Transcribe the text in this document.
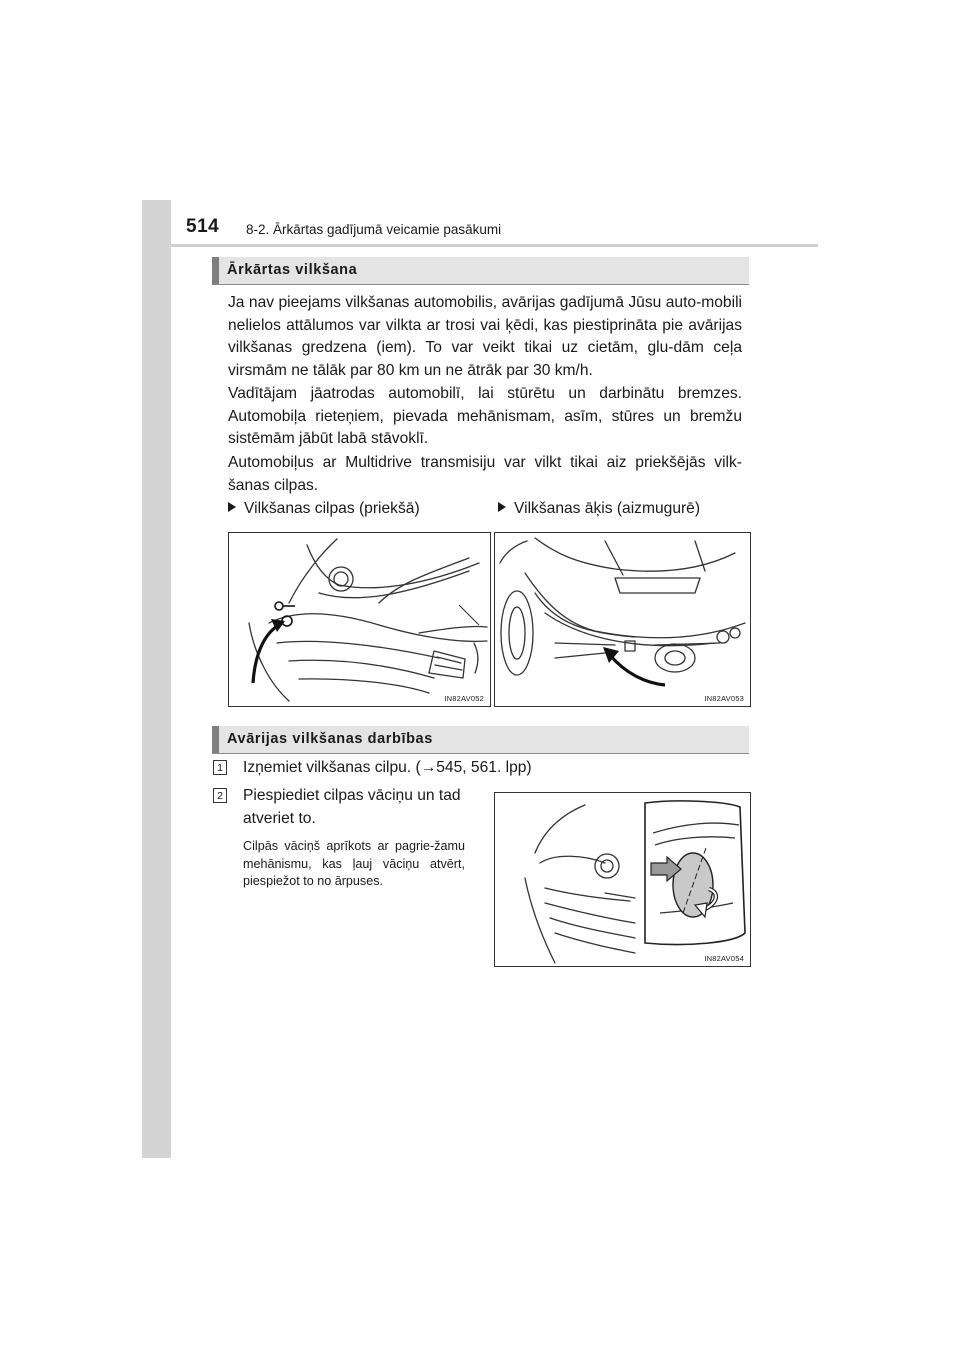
514 8-2. Ārkārtas gadījumā veicamie pasākumi
Ārkārtas vilkšana

Ja nav pieejams vilkšanas automobilis, avārijas gadījumā Jūsu auto-mobili nelielos attālumos var vilkta ar trosi vai ķēdi, kas piestiprināta pie avārijas vilkšanas gredzena (iem). To var veikt tikai uz cietām, glu-dām ceļa virsmām ne tālāk par 80 km un ne ātrāk par 30 km/h.

Vadītājam jāatrodas automobilī, lai stūrētu un darbinātu bremzes. Automobiļa rieteņiem, pievada mehānismam, asīm, stūres un bremžu sistēmām jābūt labā stāvoklī.

Automobiļus ar Multidrive transmisiju var vilkt tikai aiz priekšējās vilk-šanas cilpas.

Vilkšanas cilpas (priekšā)	Vilkšanas āķis (aizmugurē)
IN82AV052	IN82AV053
Avārijas vilkšanas darbības
1 Izņemiet vilkšanas cilpu. (→545, 561. lpp)

2 Piespiediet cilpas vāciņu un tad atveriet to.

Cilpās vāciņš aprīkots ar pagrie-žamu mehānismu, kas ļauj vāciņu atvērt, piespiežot to no ārpuses.

IN82AV054
